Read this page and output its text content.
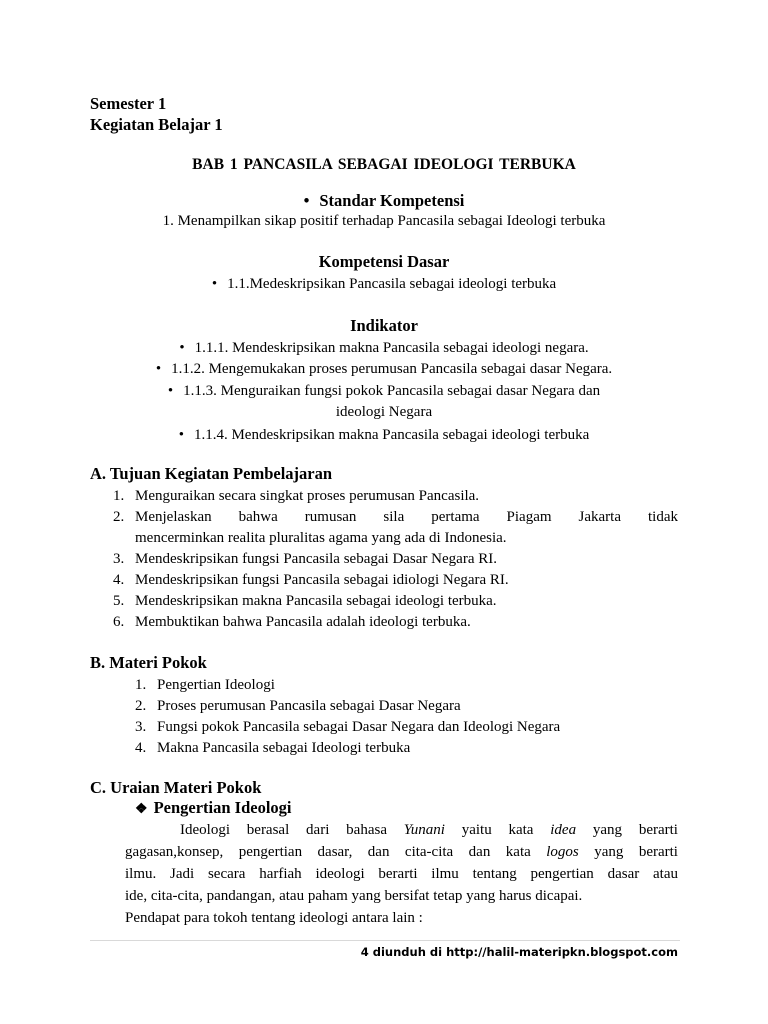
Semester 1
Kegiatan Belajar 1
BAB 1 PANCASILA SEBAGAI IDEOLOGI TERBUKA
• Standar Kompetensi
1. Menampilkan sikap positif terhadap Pancasila sebagai Ideologi terbuka
Kompetensi Dasar
• 1.1.Medeskripsikan Pancasila sebagai ideologi terbuka
Indikator
• 1.1.1. Mendeskripsikan makna Pancasila sebagai ideologi negara.
• 1.1.2. Mengemukakan proses perumusan Pancasila sebagai dasar Negara.
• 1.1.3. Menguraikan fungsi pokok Pancasila sebagai dasar Negara dan
ideologi Negara
• 1.1.4. Mendeskripsikan makna Pancasila sebagai ideologi terbuka
A. Tujuan Kegiatan Pembelajaran
1. Menguraikan secara singkat proses perumusan Pancasila.
2. Menjelaskan bahwa rumusan sila pertama Piagam Jakarta tidak
mencerminkan realita pluralitas agama yang ada di Indonesia.
3. Mendeskripsikan fungsi Pancasila sebagai Dasar Negara RI.
4. Mendeskripsikan fungsi Pancasila sebagai idiologi Negara RI.
5. Mendeskripsikan makna Pancasila sebagai ideologi terbuka.
6. Membuktikan bahwa Pancasila adalah ideologi terbuka.
B. Materi Pokok
1. Pengertian Ideologi
2. Proses perumusan Pancasila sebagai Dasar Negara
3. Fungsi pokok Pancasila sebagai Dasar Negara dan Ideologi Negara
4. Makna Pancasila sebagai Ideologi terbuka
C. Uraian Materi Pokok
❖ Pengertian Ideologi
Ideologi berasal dari bahasa Yunani yaitu kata idea yang berarti
gagasan,konsep, pengertian dasar, dan cita-cita dan kata logos yang berarti
ilmu. Jadi secara harfiah ideologi berarti ilmu tentang pengertian dasar atau
ide, cita-cita, pandangan, atau paham yang bersifat tetap yang harus dicapai.
Pendapat para tokoh tentang ideologi antara lain :
4 diunduh di http://halil-materipkn.blogspot.com
